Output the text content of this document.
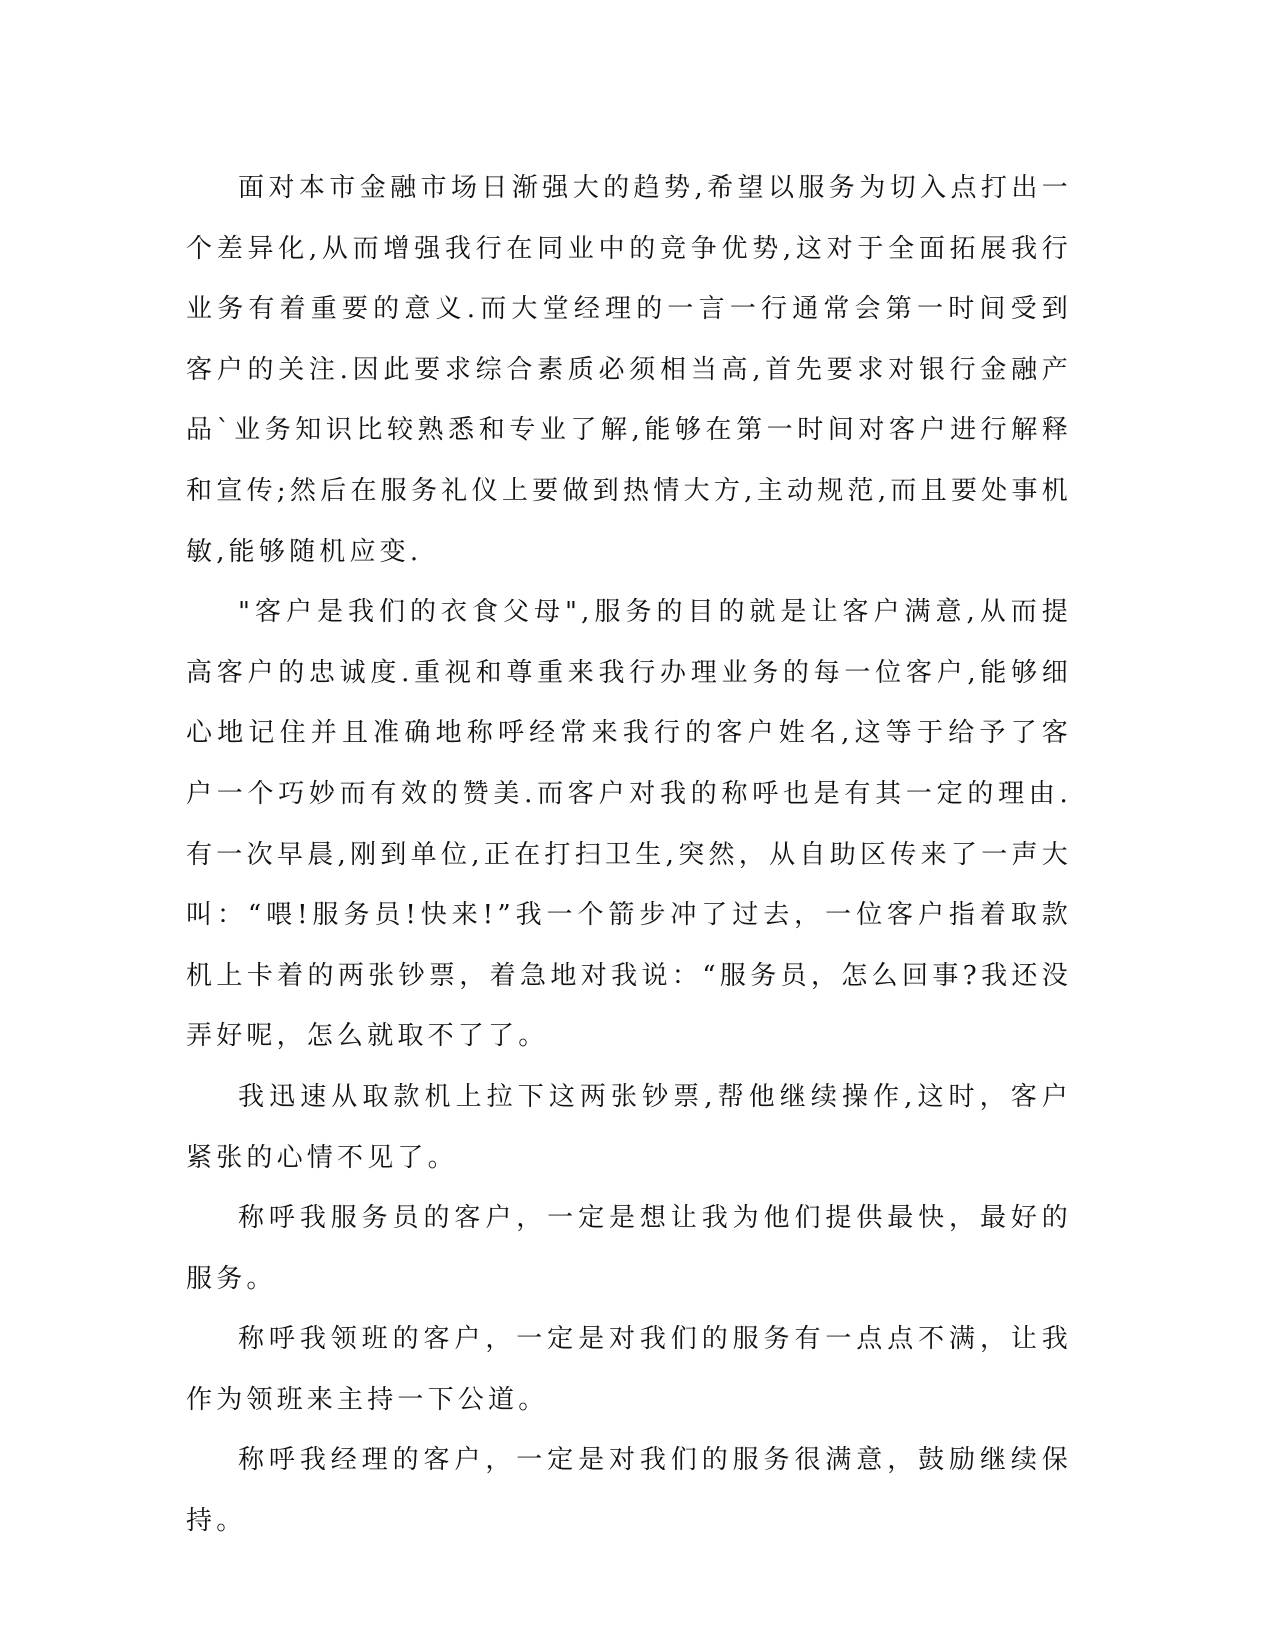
面对本市金融市场日渐强大的趋势,希望以服务为切入点打出一个差异化,从而增强我行在同业中的竞争优势,这对于全面拓展我行业务有着重要的意义.而大堂经理的一言一行通常会第一时间受到客户的关注.因此要求综合素质必须相当高,首先要求对银行金融产品`业务知识比较熟悉和专业了解,能够在第一时间对客户进行解释和宣传;然后在服务礼仪上要做到热情大方,主动规范,而且要处事机敏,能够随机应变.

"客户是我们的衣食父母",服务的目的就是让客户满意,从而提高客户的忠诚度.重视和尊重来我行办理业务的每一位客户,能够细心地记住并且准确地称呼经常来我行的客户姓名,这等于给予了客户一个巧妙而有效的赞美.而客户对我的称呼也是有其一定的理由.有一次早晨,刚到单位,正在打扫卫生,突然，从自助区传来了一声大叫：“喂!服务员!快来!”我一个箭步冲了过去，一位客户指着取款机上卡着的两张钞票，着急地对我说：“服务员，怎么回事?我还没弄好呢，怎么就取不了了。

我迅速从取款机上拉下这两张钞票,帮他继续操作,这时，客户紧张的心情不见了。

称呼我服务员的客户，一定是想让我为他们提供最快，最好的服务。

称呼我领班的客户，一定是对我们的服务有一点点不满，让我作为领班来主持一下公道。

称呼我经理的客户，一定是对我们的服务很满意，鼓励继续保持。
